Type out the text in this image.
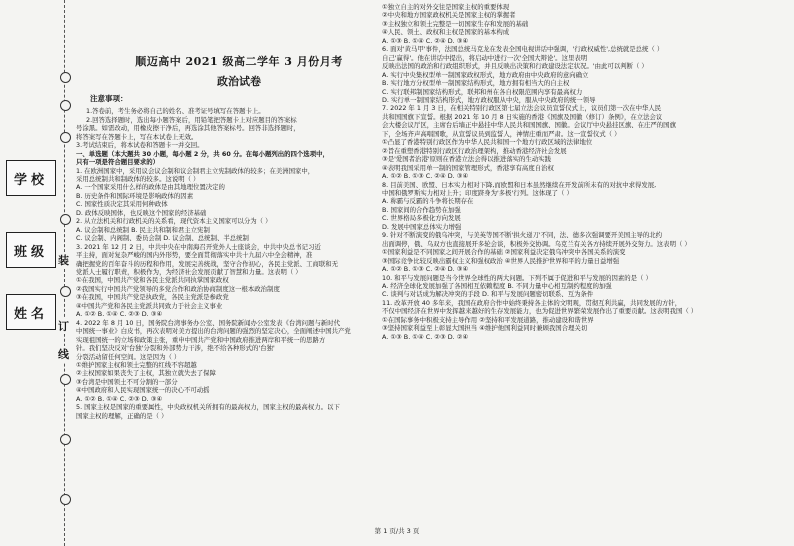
学校
班级
姓名
装
订
线
顺迈高中 2021 级高二学年 3 月份月考
政治试卷
注意事项：
1.答卷前，考生务必将自己的姓名、准考证号填写在答题卡上。
2.回答选择题时，选出每小题答案后，用铅笔把答题卡上对应题目的答案标
号涂黑。如需改动，用橡皮擦干净后，再选涂其他答案标号。回答非选择题时，
将答案写在答题卡上，写在本试卷上无效。
3.考试结束后，将本试卷和答题卡一并交回。
一、单选题（本大题共 30 小题，每小题 2 分，共 60 分。在每小题列出的四个选项中，
只有一项是符合题目要求的）
1. 在欧洲国家中，采用议会议会制和议会制君主立宪制政体的较多；在美洲国家中，
采用总统制共和制政体的较多。这说明（ ）
A. 一个国家采用什么样的政体是由其地理位置决定的
B. 历史条件和国际环境是影响政体的因素
C. 国家性质决定其采用何种政体
D. 政体反映国体，也反映这个国家的经济基础
2. 从立法机关和行政机关的关系看，现代资本主义国家可以分为（ ）
A. 议会制和总统制 B. 民主共和制和君主立宪制
C. 议会制、内阁制、委员会制 D. 议会制、总统制、半总统制
3. 2021 年 12 月 2 日，中共中央在中南海召开党外人士座谈会，中共中央总书记习近
平主持，面对复杂严峻的国内外形势，要全面贯彻落实中共十九届六中全会精神，准
确把握党的百年奋斗的历程和作用，发展完善统战，坚守合作初心，各民主党派、工商联和无
党派人士履行职责，积极作为，为经济社会发展贡献了智慧和力量。这表明（ ）
①在我国，中国共产党和各民主党派共同执掌国家政权
②我国实行中国共产党领导的多党合作和政治协商制度这一根本政治制度
③在我国，中国共产党是执政党，各民主党派是参政党
④中国共产党和各民主党派共同致力于社会主义事业
A. ①② B. ①④ C. ②③ D. ③④
4. 2022 年 8 月 10 日，国务院台湾事务办公室、国务院新闻办公室发表《台湾问题与新时代
中国统一事业》白皮书，再次表明对美方提出的台湾问题的强烈的坚定决心，全面阐述中国共产党
实现祖国统一的立场和政策主张，重申中国共产党和中国政府推进两岸和平统一的思路方
针。我们坚决反对'台独'分裂和外部势力干涉，绝不给各种形式的'台独'
分裂活动留任何空间。这是因为（ ）
①维护国家主权和领土完整的红线不容超越
②主权国家如果丧失了主权，其独立就失去了保障
③台湾是中国领土不可分割的一部分
④中国政府和人民实现国家统一的决心不可动摇
A. ①② B. ①④ C. ②③ D. ③④
5. 国家主权是国家的重要属性，中央政权机关所拥有的最高权力，国家主权的最高权力。以下
国家主权的理解，正确的是（ ）
①独立自主的对外交往是国家主权的重要体现
②中央和地方国家政权机关是国家主权的掌握者
③主权独立和领土完整是一切国家生存和发展的基础
④人民、领土、政权和主权是国家的基本构成
A. ①③ B. ①④ C. ②④ D. ③④
6. 面对'黄马甲'事件，法国总统马克龙在发表全国电视讲话中强调，'行政权威性',总统就是总统（ ）
自己'赢得'。他在讲话中提出，将启动中进行一次'全国大辩论'。这里表明
反映出法国的政治和行政组织形式，并且反映出决策和行政建设法定状况。'由此可以判断（ ）
A. 实行中央集权型单一制国家政权形式，地方政府由中央政府的意向确立
B. 实行地方分权型单一制国家结构形式，地方拥有相当大的自主权
C. 实行联邦制国家结构形式，联邦和州在各自权限范围内享有最高权力
D. 实行单一制国家结构形式，地方政权服从中央，服从中央政府的统一领导
7. 2022 年 1 月 3 日，在相关特别行政区第七届立法会议员宣誓仪式上，议员们第一次在中华人民
共和国国旗下宣誓。根据 2021 年 10 月 8 日实施的香港《国旗及国徽（修订）条例》，在立法会议
会大楼会议厅区，主席台后墙正中悬挂中华人民共和国国旗、国徽。会议厅中央悬挂区旗、在庄严的国旗
下，全场齐声高唱国歌，从宣誓议员到监誓人，神情庄重而严肃。这一宣誓仪式（ ）
①凸显了香港特别行政区作为中华人民共和国一个地方行政区域的法律地位
②旨在重塑香港特别行政区行政治理架构，推动香港经济社会发展
③是'爱国者治港'原则在香港立法会得以推进落实的生动实践
④表明我国采用单一制的国家管理形式，香港享有高度自治权
A. ①② B. ①③ C. ②④ D. ③④
8. 目前美国、欧盟、日本实力相对下降,而欧盟和日本虽然继续在开发前所未有的对抗中求得发展,
中国和俄罗斯实力相对上升；印度跻身为'多极'行列。这体现了（ ）
A. 称霸与反霸的斗争将长期存在
B. 国家间的合作趋势在加强
C. 世界格局多极化方向发展
D. 发展中国家总体实力增强
9. 针对不断演变的俄乌冲突，与美英等国不断'拱火递刀'不同，法、德多次强调要开美国主导的北约
出面调停，俄、乌双方也直接展开多轮会谈，积极外交协调。乌克兰有关各方持续开展外交努力。这表明（ ）
①国家利益是不同国家之间开展合作的基础 ②国家利益决定俄乌冲突中各国关系的演变
③国际竞争比较反映出霸权主义和强权政治 ④世界人民推护世界和平的力量日益增强
A. ①② B. ①③ C. ②④ D. ③④
10. 和平与发展问题是当今世界全球性的两大问题。下列不属于促进和平与发展的因素的是（ ）
A. 经济全球化发展加强了各国相互依赖程度 B. 不同力量中心相互制约程度的加强
C. 谈判与对话成为解决冲突的手段 D. 和平与发展问题密切联系、互为条件
11. 改革开放 40 多年来，我国在政府合作中始终秉持各主体的文明观，贯彻互利共赢，共同发展的方针，
不仅中国经济在世界中发挥越来越好的生存发展能力，也为促进世界繁荣发展作出了重要贡献。这表明我国（ ）
①在国际事务中积极支持主导作用 ②坚持和平发展道路，推动建设和谐世界
③坚持国家利益至上彰显大国担当 ④维护他国利益同时兼顾我国合理关切
A. ①③ B. ①④ C. ②③ D. ②④
第 1 页/共 3 页
